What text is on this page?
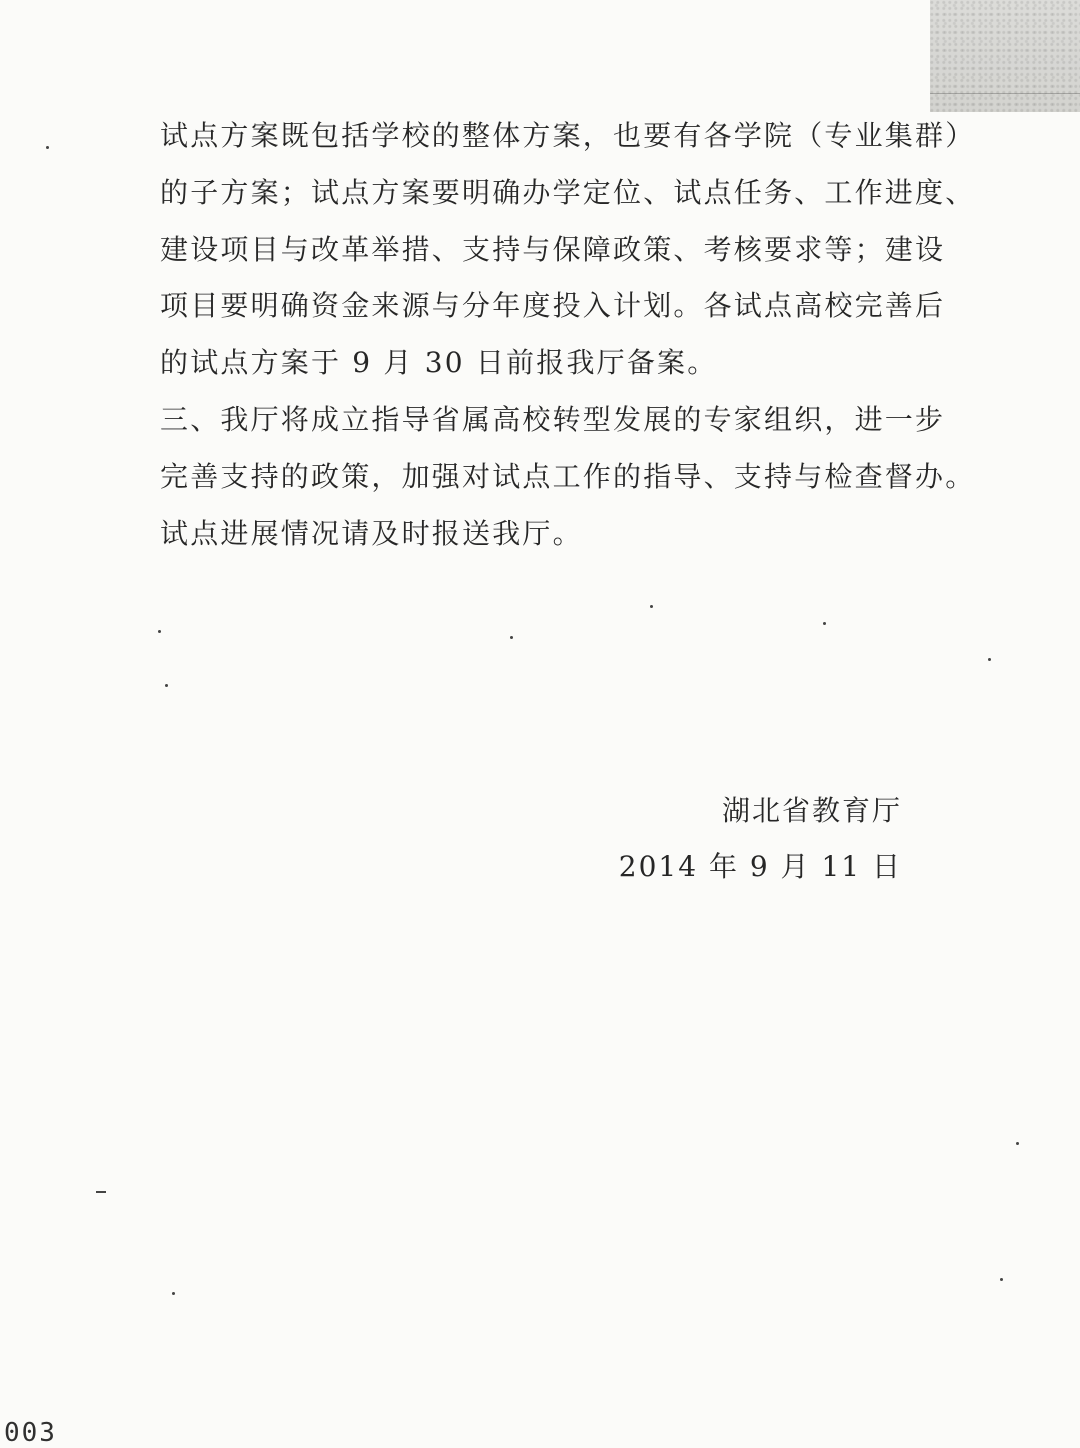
试点方案既包括学校的整体方案，也要有各学院（专业集群）
的子方案；试点方案要明确办学定位、试点任务、工作进度、
建设项目与改革举措、支持与保障政策、考核要求等；建设
项目要明确资金来源与分年度投入计划。各试点高校完善后
的试点方案于 9 月 30 日前报我厅备案。
三、我厅将成立指导省属高校转型发展的专家组织，进一步
完善支持的政策，加强对试点工作的指导、支持与检查督办。
试点进展情况请及时报送我厅。
湖北省教育厅
2014 年 9 月 11 日
003
